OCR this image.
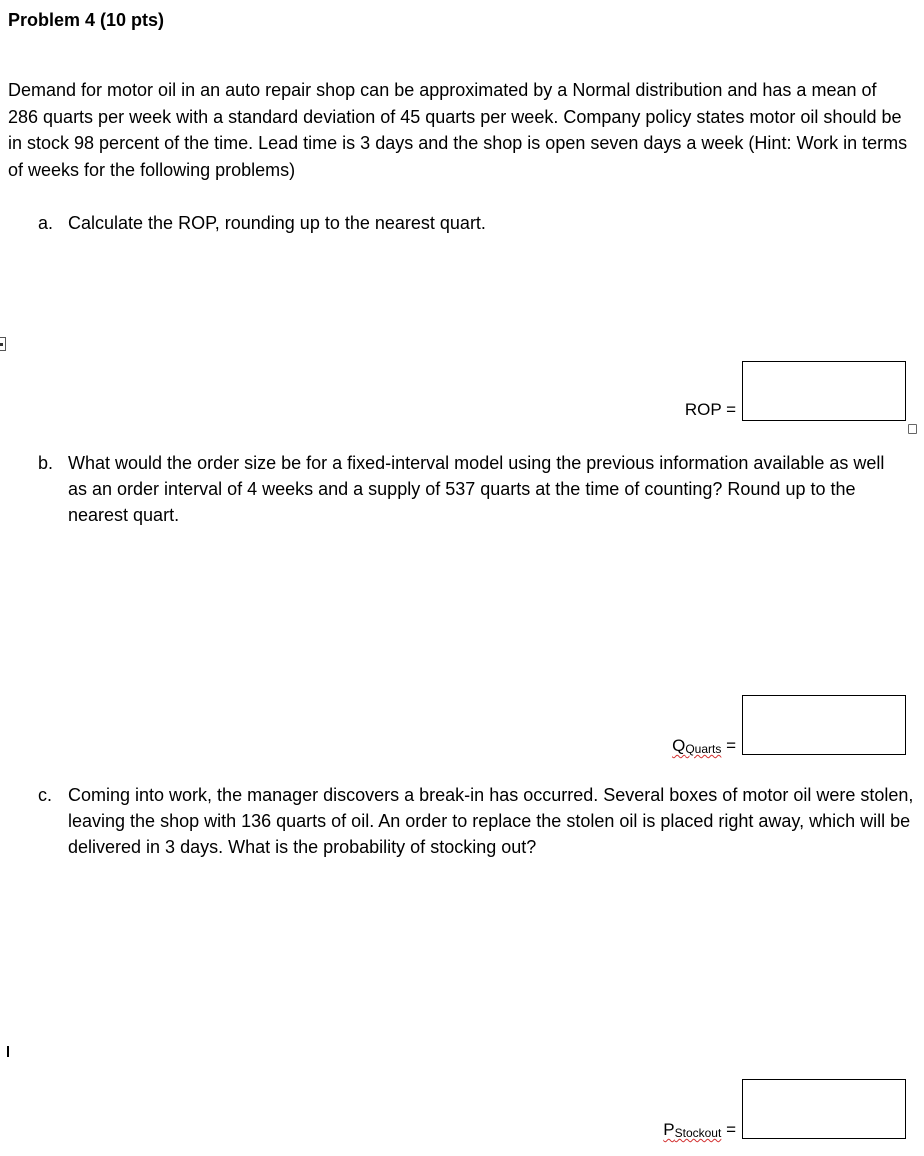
Problem 4 (10 pts)
Demand for motor oil in an auto repair shop can be approximated by a Normal distribution and has a mean of 286 quarts per week with a standard deviation of 45 quarts per week. Company policy states motor oil should be in stock 98 percent of the time. Lead time is 3 days and the shop is open seven days a week (Hint: Work in terms of weeks for the following problems)
a. Calculate the ROP, rounding up to the nearest quart.
ROP =
b. What would the order size be for a fixed-interval model using the previous information available as well as an order interval of 4 weeks and a supply of 537 quarts at the time of counting? Round up to the nearest quart.
QQuarts =
c. Coming into work, the manager discovers a break-in has occurred. Several boxes of motor oil were stolen, leaving the shop with 136 quarts of oil. An order to replace the stolen oil is placed right away, which will be delivered in 3 days. What is the probability of stocking out?
PStockout =
